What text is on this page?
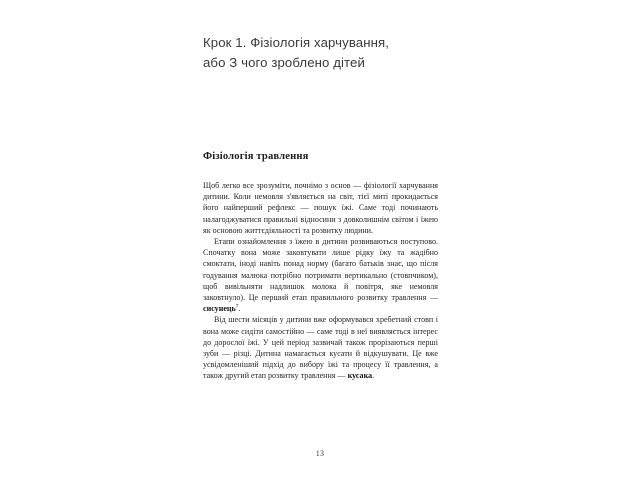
Крок 1. Фізіологія харчування,
або З чого зроблено дітей
Фізіологія травлення

Щоб легко все зрозуміти, почнімо з основ — фізіології харчування дитини. Коли немовля з'являється на світ, тієї миті прокидається його найперший рефлекс — пошук їжі. Саме тоді починають налагоджуватися правильні відносини з довколишнім світом і їжею як основою життєдіяльності та розвитку людини.

Етапи ознайомлення з їжею в дитини розвиваються поступово. Спочатку вона може заковтувати лише рідку їжу та жадібно смоктати, іноді навіть понад норму (багато батьків знає, що після годування малюка потрібно потримати вертикально (стовпчиком), щоб вивільняти надлишок молока й повітря, яке немовля заковтнуло). Це перший етап правильного розвитку травлення — сисунець$^7$.

Від шести місяців у дитини вже оформувався хребетний стовп і вона може сидіти самостійно — саме тоді в неї виявляється інтерес до дорослої їжі. У цей період зазвичай також прорізаються перші зуби — різці. Дитина намагається кусати й відкушувати. Це вже усвідомленіший підхід до вибору їжі та процесу її травлення, а також другий етап розвитку травлення — кусака.

13
